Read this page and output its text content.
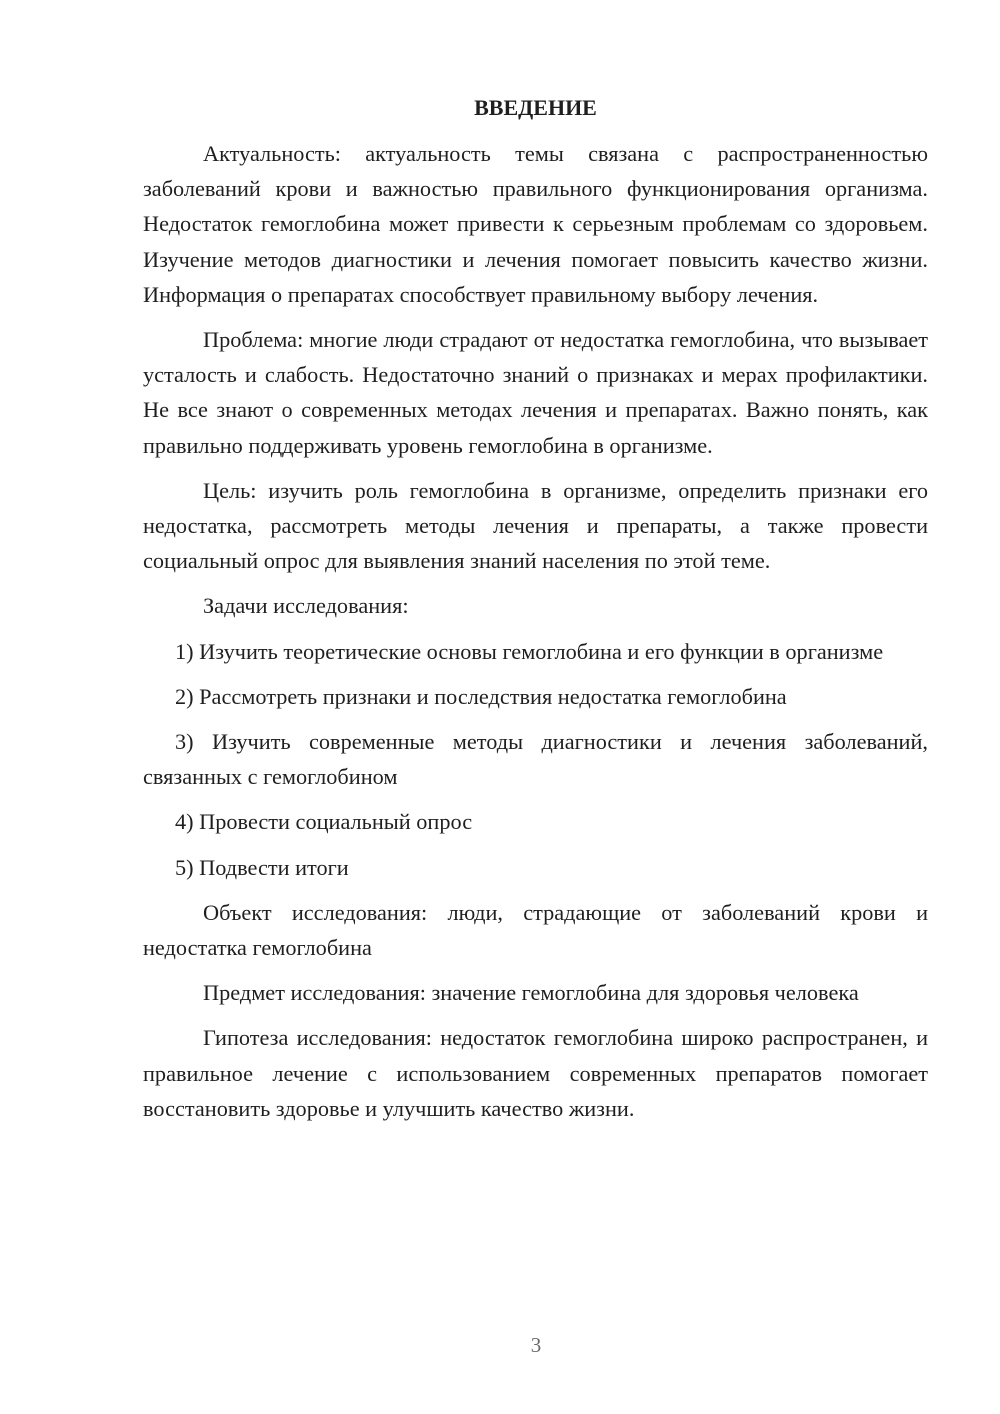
ВВЕДЕНИЕ

Актуальность: актуальность темы связана с распространенностью заболеваний крови и важностью правильного функционирования организма. Недостаток гемоглобина может привести к серьезным проблемам со здоровьем. Изучение методов диагностики и лечения помогает повысить качество жизни. Информация о препаратах способствует правильному выбору лечения.

Проблема: многие люди страдают от недостатка гемоглобина, что вызывает усталость и слабость. Недостаточно знаний о признаках и мерах профилактики. Не все знают о современных методах лечения и препаратах. Важно понять, как правильно поддерживать уровень гемоглобина в организме.

Цель: изучить роль гемоглобина в организме, определить признаки его недостатка, рассмотреть методы лечения и препараты, а также провести социальный опрос для выявления знаний населения по этой теме.

Задачи исследования:

1) Изучить теоретические основы гемоглобина и его функции в организме

2) Рассмотреть признаки и последствия недостатка гемоглобина

3) Изучить современные методы диагностики и лечения заболеваний, связанных с гемоглобином

4) Провести социальный опрос

5) Подвести итоги

Объект исследования: люди, страдающие от заболеваний крови и недостатка гемоглобина

Предмет исследования: значение гемоглобина для здоровья человека

Гипотеза исследования: недостаток гемоглобина широко распространен, и правильное лечение с использованием современных препаратов помогает восстановить здоровье и улучшить качество жизни.

3
